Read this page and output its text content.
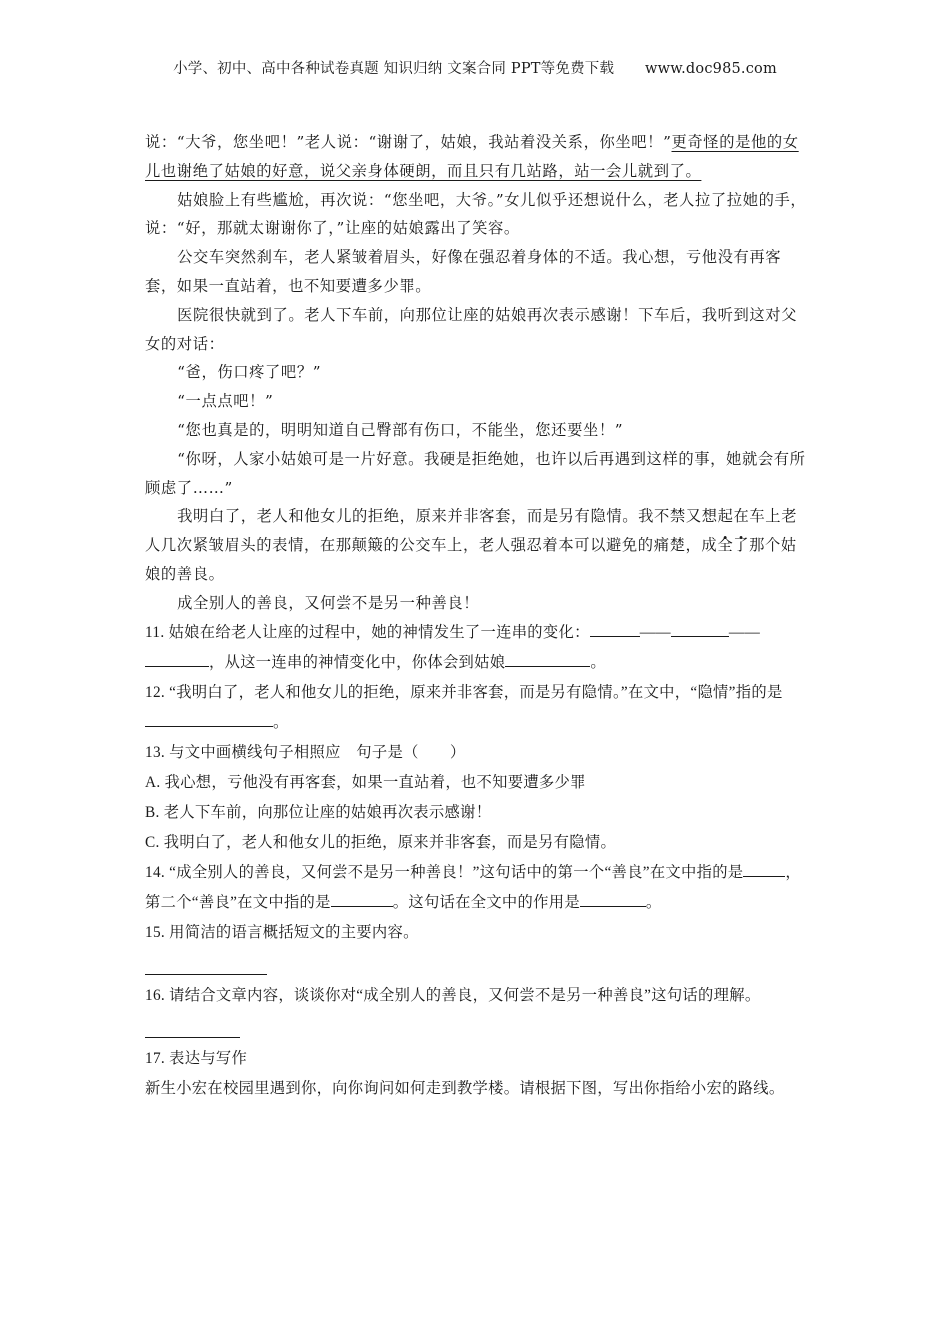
小学、初中、高中各种试卷真题 知识归纳 文案合同 PPT等免费下载 www.doc985.com

说：“大爷，您坐吧！”老人说：“谢谢了，姑娘，我站着没关系，你坐吧！”更奇怪的是他的女儿也谢绝了姑娘的好意，说父亲身体硬朗，而且只有几站路，站一会儿就到了。

姑娘脸上有些尴尬，再次说：“您坐吧，大爷。”女儿似乎还想说什么，老人拉了拉她的手，说：“好，那就太谢谢你了，”让座的姑娘露出了笑容。

公交车突然刹车，老人紧皱着眉头，好像在强忍着身体的不适。我心想，亏他没有再客套，如果一直站着，也不知要遭多少罪。

医院很快就到了。老人下车前，向那位让座的姑娘再次表示感谢！下车后，我听到这对父女的对话：

“爸，伤口疼了吧？”

“一点点吧！”

“您也真是的，明明知道自己臀部有伤口，不能坐，您还要坐！”

“你呀，人家小姑娘可是一片好意。我硬是拒绝她，也许以后再遇到这样的事，她就会有所顾虑了……”

我明白了，老人和他女儿的拒绝，原来并非客套，而是另有隐情。我不禁又想起在车上老人几次紧皱眉头的表情，在那颠簸的公交车上，老人强忍着本可以避免的痛楚，成全了那个姑娘的善良。

成全别人的善良，又何尝不是另一种善良！

11. 姑娘在给老人让座的过程中，她的神情发生了一连串的变化：	——	——，从这一连串的神情变化中，你体会到姑娘	。

12. “我明白了，老人和他女儿的拒绝，原来并非客套，而是另有隐情。”在文中，“隐情”指的是。

13. 与文中画横线句子相照应　句子是（　　）

A. 我心想，亏他没有再客套，如果一直站着，也不知要遭多少罪

B. 老人下车前，向那位让座的姑娘再次表示感谢！

C. 我明白了，老人和他女儿的拒绝，原来并非客套，而是另有隐情。

14. “成全别人的善良，又何尝不是另一种善良！”这句话中的第一个“善良”在文中指的是	，第二个“善良”在文中指的是	。这句话在全文中的作用是	。

15. 用简洁的语言概括短文的主要内容。

16. 请结合文章内容，谈谈你对“成全别人的善良，又何尝不是另一种善良”这句话的理解。

17. 表达与写作

新生小宏在校园里遇到你，向你询问如何走到教学楼。请根据下图，写出你指给小宏的路线。
